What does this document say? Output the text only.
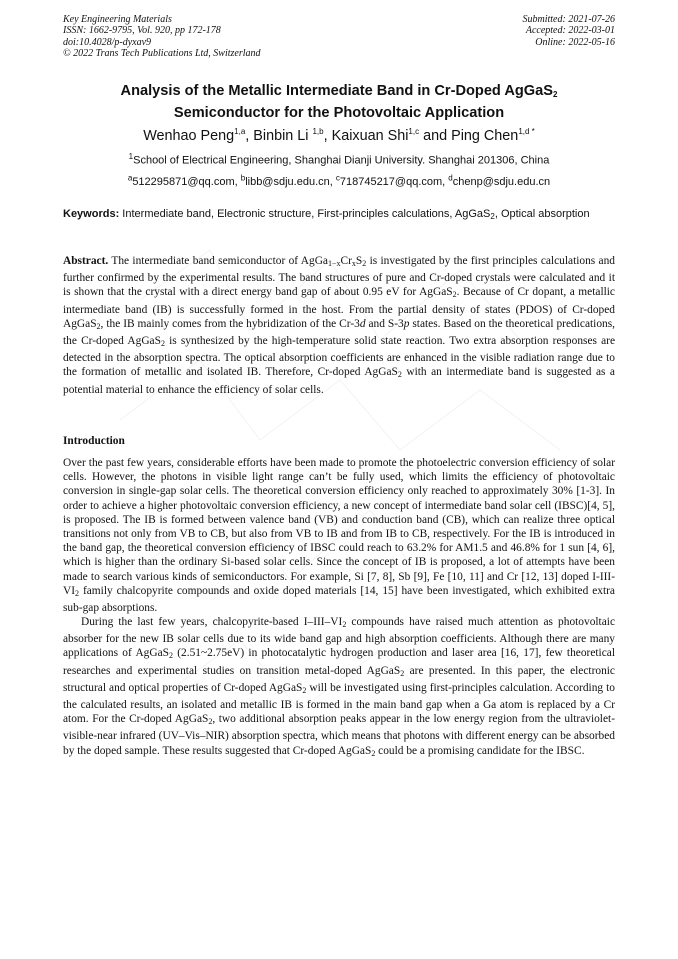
Key Engineering Materials
ISSN: 1662-9795, Vol. 920, pp 172-178
doi:10.4028/p-dyxav9
© 2022 Trans Tech Publications Ltd, Switzerland
Submitted: 2021-07-26
Accepted: 2022-03-01
Online: 2022-05-16
Analysis of the Metallic Intermediate Band in Cr-Doped AgGaS$_2$
Semiconductor for the Photovoltaic Application
Wenhao Peng$^{1,a}$, Binbin Li $^{1,b}$, Kaixuan Shi$^{1,c}$ and Ping Chen$^{1,d *}$
$^1$School of Electrical Engineering, Shanghai Dianji University. Shanghai 201306, China
$^a$512295871@qq.com, $^b$libb@sdju.edu.cn, $^c$718745217@qq.com, $^d$chenp@sdju.edu.cn
Keywords: Intermediate band, Electronic structure, First-principles calculations, AgGaS$_2$, Optical absorption
Abstract. The intermediate band semiconductor of $AgGa_{1-x}Cr_xS_2$ is investigated by the first principles calculations and further confirmed by the experimental results. The band structures of pure and Cr-doped crystals were calculated and it is shown that the crystal with a direct energy band gap of about 0.95 eV for AgGaS$_2$. Because of Cr dopant, a metallic intermediate band (IB) is successfully formed in the host. From the partial density of states (PDOS) of Cr-doped AgGaS$_2$, the IB mainly comes from the hybridization of the Cr-3d and S-3p states. Based on the theoretical predications, the Cr-doped AgGaS$_2$ is synthesized by the high-temperature solid state reaction. Two extra absorption responses are detected in the absorption spectra. The optical absorption coefficients are enhanced in the visible radiation range due to the formation of metallic and isolated IB. Therefore, Cr-doped AgGaS$_2$ with an intermediate band is suggested as a potential material to enhance the efficiency of solar cells.
Introduction

Over the past few years, considerable efforts have been made to promote the photoelectric conversion efficiency of solar cells. However, the photons in visible light range can’t be fully used, which limits the efficiency of photovoltaic conversion in single-gap solar cells. The theoretical conversion efficiency only reached to approximately 30% [1-3]. In order to achieve a higher photovoltaic conversion efficiency, a new concept of intermediate band solar cell (IBSC)[4, 5], is proposed. The IB is formed between valence band (VB) and conduction band (CB), which can realize three optical transitions not only from VB to CB, but also from VB to IB and from IB to CB, respectively. For the IB is introduced in the band gap, the theoretical conversion efficiency of IBSC could reach to 63.2% for AM1.5 and 46.8% for 1 sun [4, 6], which is higher than the ordinary Si-based solar cells. Since the concept of IB is proposed, a lot of attempts have been made to search various kinds of semiconductors. For example, Si [7, 8], Sb [9], Fe [10, 11] and Cr [12, 13] doped $I-III-VI_2$ family chalcopyrite compounds and oxide doped materials [14, 15] have been investigated, which exhibited extra sub-gap absorptions.

During the last few years, chalcopyrite-based $I-III-VI_2$ compounds have raised much attention as photovoltaic absorber for the new IB solar cells due to its wide band gap and high absorption coefficients. Although there are many applications of AgGaS$_2$ (2.51~2.75eV) in photocatalytic hydrogen production and laser area [16, 17], few theoretical researches and experimental studies on transition metal-doped AgGaS$_2$ are presented. In this paper, the electronic structural and optical properties of Cr-doped AgGaS$_2$ will be investigated using first-principles calculation. According to the calculated results, an isolated and metallic IB is formed in the main band gap when a Ga atom is replaced by a Cr atom. For the Cr-doped AgGaS$_2$, two additional absorption peaks appear in the low energy region from the ultraviolet-visible-near infrared (UV–Vis–NIR) absorption spectra, which means that photons with different energy can be absorbed by the doped sample. These results suggested that Cr-doped AgGaS$_2$ could be a promising candidate for the IBSC.
